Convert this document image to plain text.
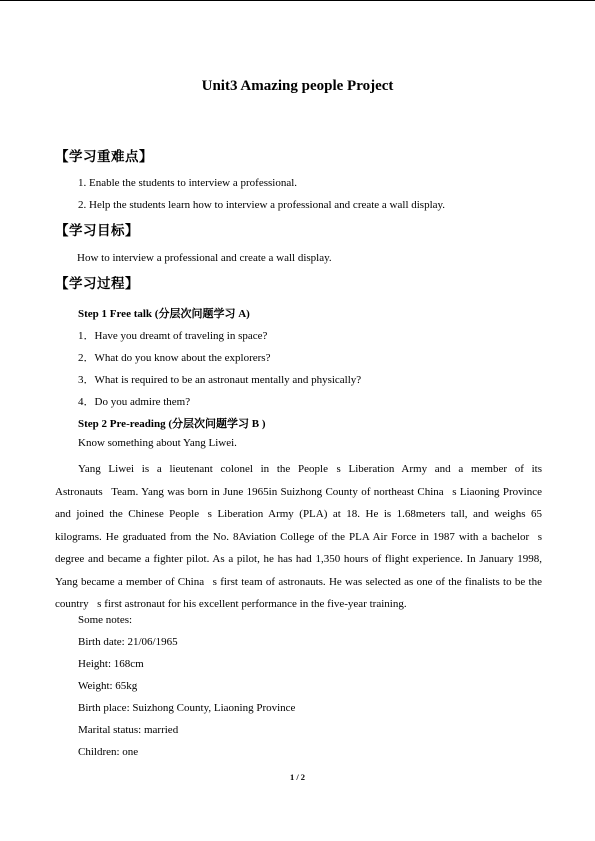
Unit3 Amazing people Project
【学习重难点】
1. Enable the students to interview a professional.
2. Help the students learn how to interview a professional and create a wall display.
【学习目标】
How to interview a professional and create a wall display.
【学习过程】
Step 1 Free talk (分层次问题学习 A)
1．Have you dreamt of traveling in space?
2．What do you know about the explorers?
3．What is required to be an astronaut mentally and physically?
4．Do you admire them?
Step 2 Pre-reading (分层次问题学习 B )
Know something about Yang Liwei.
Yang Liwei is a lieutenant colonel in the People s Liberation Army and a member of its Astronauts Team. Yang was born in June 1965in Suizhong County of northeast China s Liaoning Province and joined the Chinese People s Liberation Army (PLA) at 18. He is 1.68meters tall, and weighs 65 kilograms. He graduated from the No. 8Aviation College of the PLA Air Force in 1987 with a bachelor s degree and became a fighter pilot. As a pilot, he has had 1,350 hours of flight experience. In January 1998, Yang became a member of China s first team of astronauts. He was selected as one of the finalists to be the country s first astronaut for his excellent performance in the five-year training.
Some notes:
Birth date: 21/06/1965
Height: 168cm
Weight: 65kg
Birth place: Suizhong County, Liaoning Province
Marital status: married
Children: one
1 / 2
